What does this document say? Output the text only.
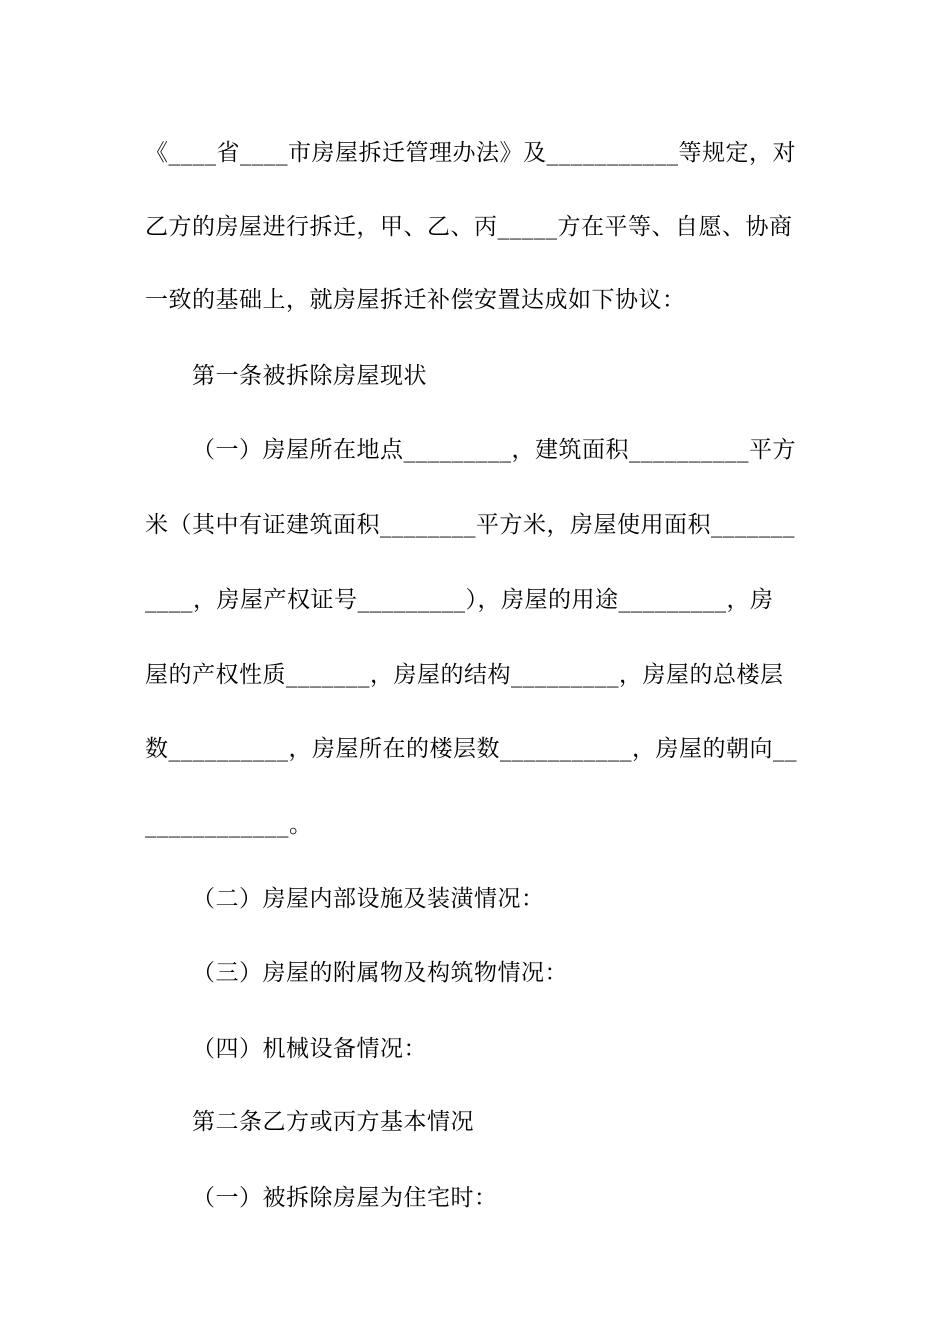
《____省____市房屋拆迁管理办法》及___________等规定，对
乙方的房屋进行拆迁，甲、乙、丙_____方在平等、自愿、协商
一致的基础上，就房屋拆迁补偿安置达成如下协议：
第一条被拆除房屋现状
（一）房屋所在地点_________，建筑面积__________平方
米（其中有证建筑面积________平方米，房屋使用面积_______
____，房屋产权证号_________），房屋的用途_________，房
屋的产权性质_______，房屋的结构_________，房屋的总楼层
数__________，房屋所在的楼层数___________，房屋的朝向__
____________。
（二）房屋内部设施及装潢情况：
（三）房屋的附属物及构筑物情况：
（四）机械设备情况：
第二条乙方或丙方基本情况
（一）被拆除房屋为住宅时：
